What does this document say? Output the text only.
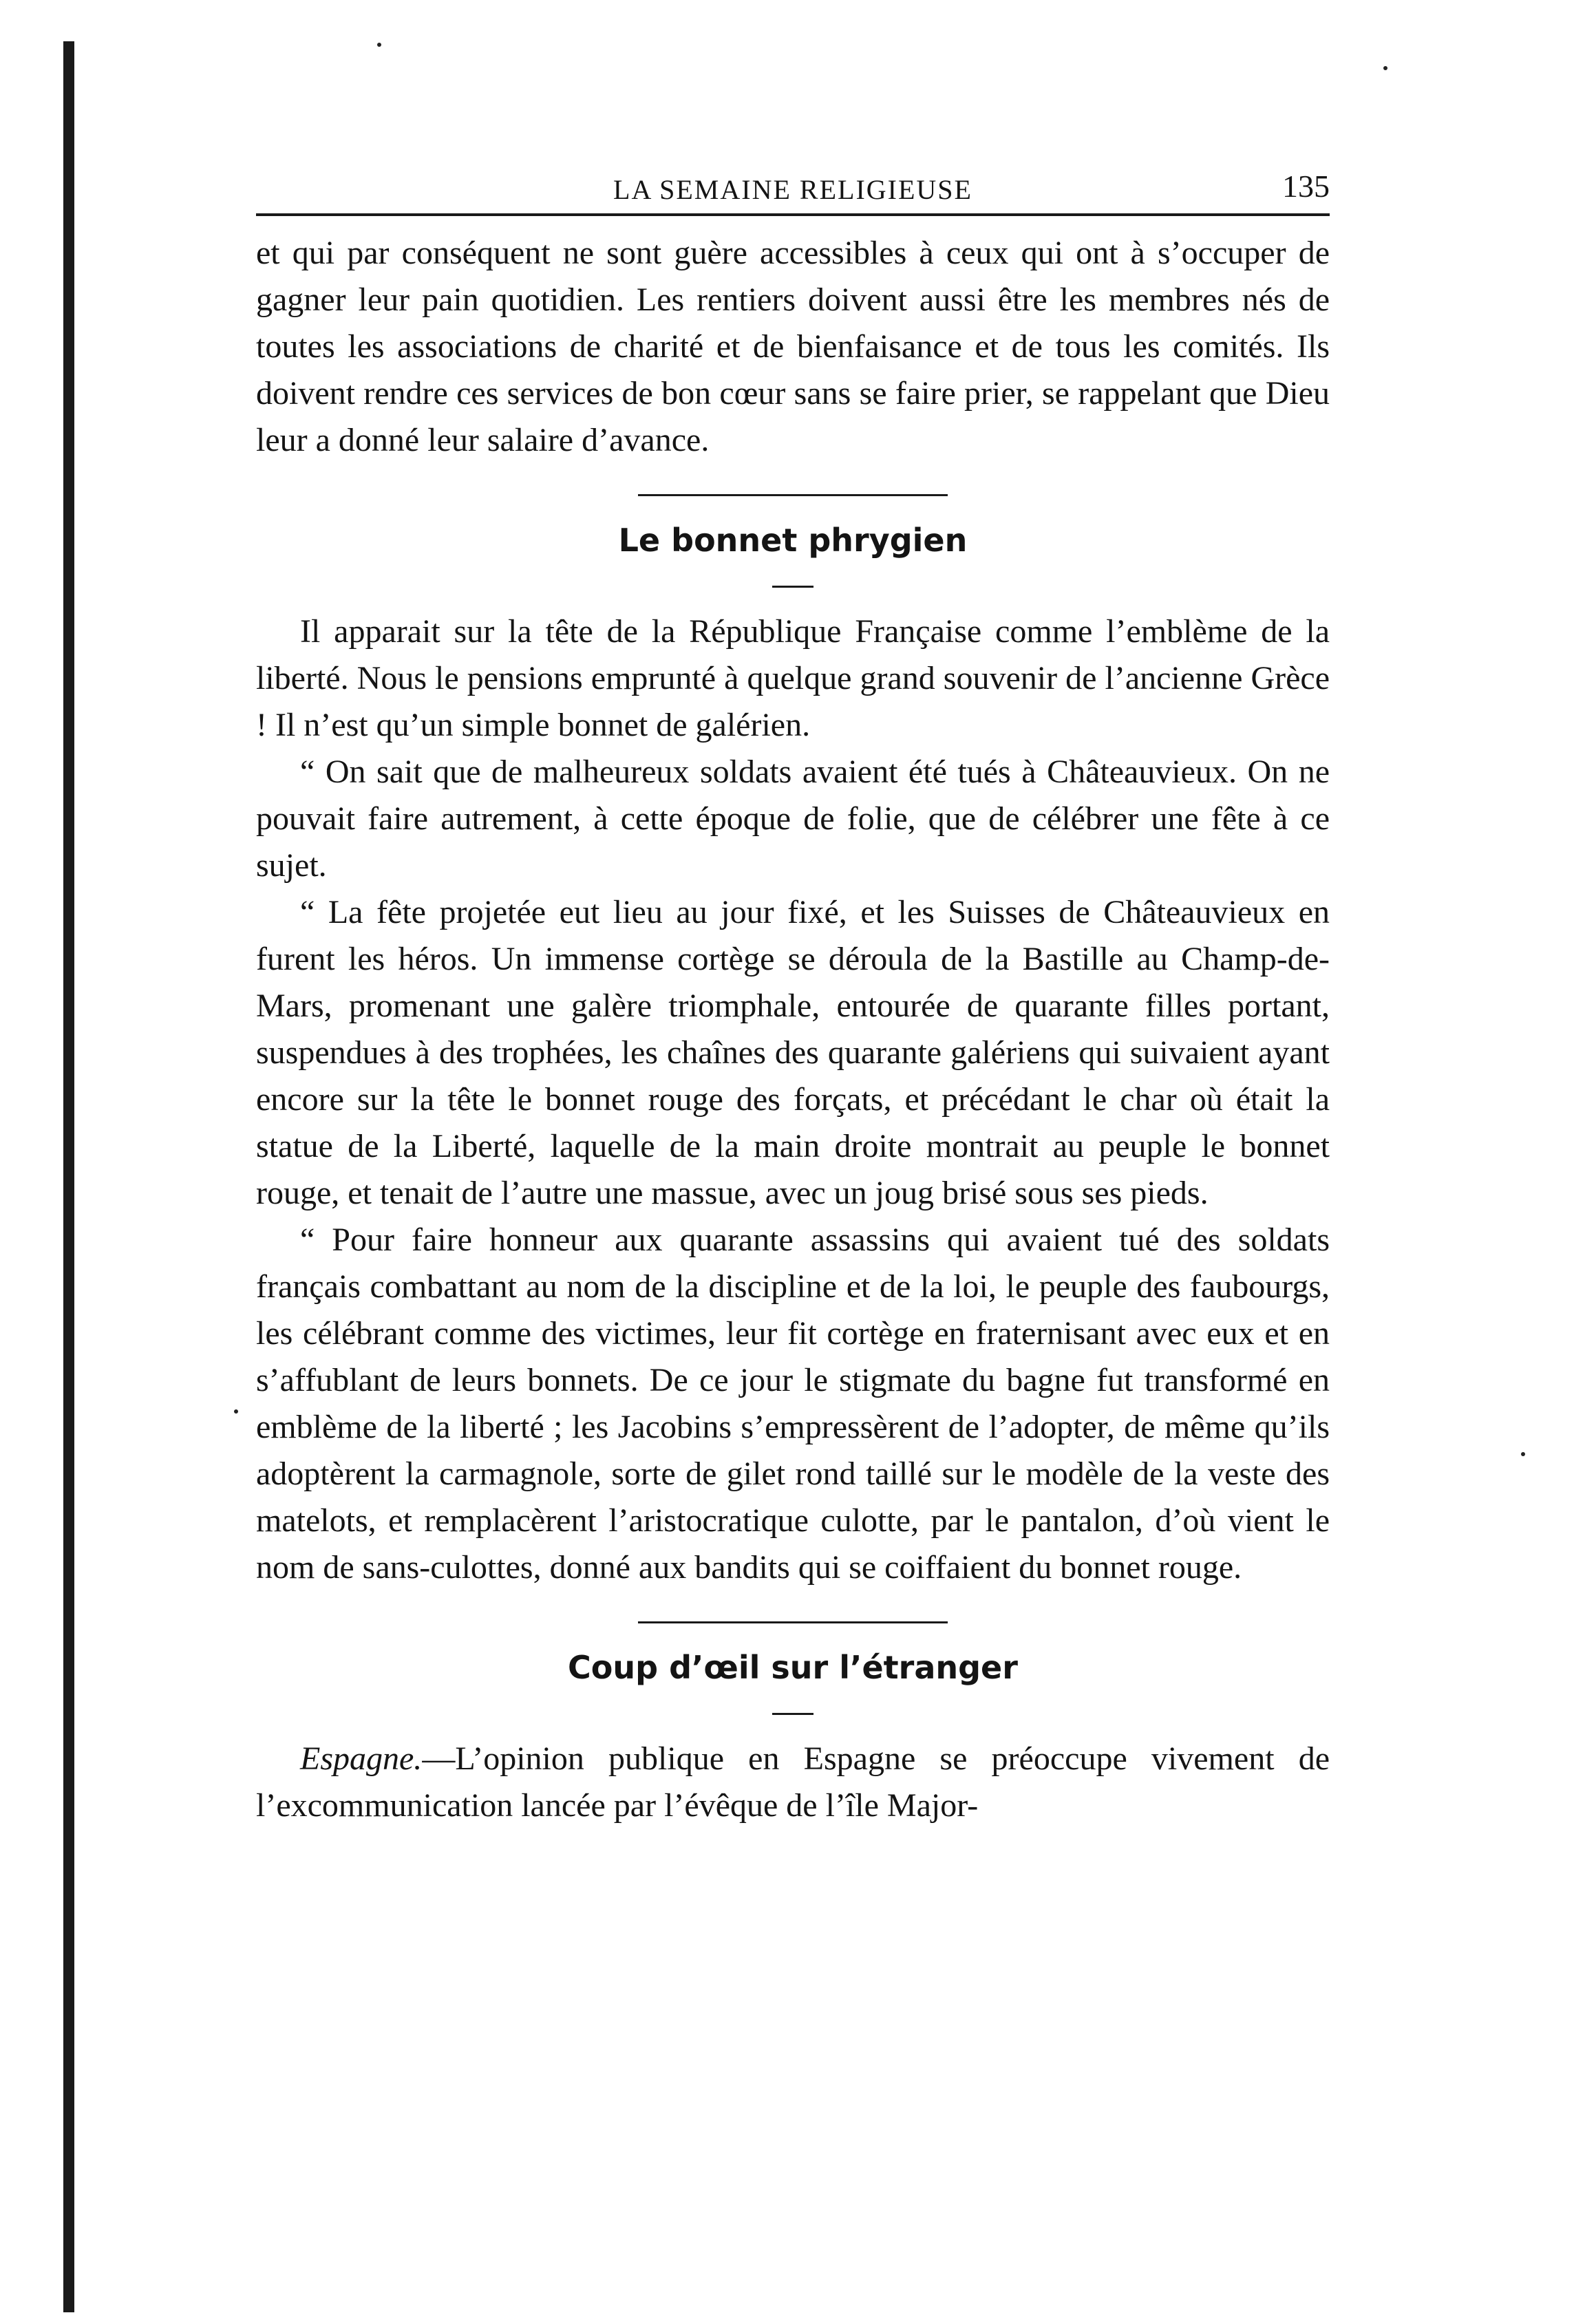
LA SEMAINE RELIGIEUSE	135

et qui par conséquent ne sont guère accessibles à ceux qui ont à s’occuper de gagner leur pain quotidien. Les rentiers doivent aussi être les membres nés de toutes les associations de charité et de bienfaisance et de tous les comités. Ils doivent rendre ces services de bon cœur sans se faire prier, se rappelant que Dieu leur a donné leur salaire d’avance.

Le bonnet phrygien

Il apparait sur la tête de la République Française comme l’emblème de la liberté. Nous le pensions emprunté à quelque grand souvenir de l’ancienne Grèce ! Il n’est qu’un simple bonnet de galérien.

“ On sait que de malheureux soldats avaient été tués à Châteauvieux. On ne pouvait faire autrement, à cette époque de folie, que de célébrer une fête à ce sujet.

“ La fête projetée eut lieu au jour fixé, et les Suisses de Châteauvieux en furent les héros. Un immense cortège se déroula de la Bastille au Champ-de-Mars, promenant une galère triomphale, entourée de quarante filles portant, suspendues à des trophées, les chaînes des quarante galériens qui suivaient ayant encore sur la tête le bonnet rouge des forçats, et précédant le char où était la statue de la Liberté, laquelle de la main droite montrait au peuple le bonnet rouge, et tenait de l’autre une massue, avec un joug brisé sous ses pieds.

“ Pour faire honneur aux quarante assassins qui avaient tué des soldats français combattant au nom de la discipline et de la loi, le peuple des faubourgs, les célébrant comme des victimes, leur fit cortège en fraternisant avec eux et en s’affublant de leurs bonnets. De ce jour le stigmate du bagne fut transformé en emblème de la liberté ; les Jacobins s’empressèrent de l’adopter, de même qu’ils adoptèrent la carmagnole, sorte de gilet rond taillé sur le modèle de la veste des matelots, et remplacèrent l’aristocratique culotte, par le pantalon, d’où vient le nom de sans-culottes, donné aux bandits qui se coiffaient du bonnet rouge.

Coup d’œil sur l’étranger

Espagne.—L’opinion publique en Espagne se préoccupe vivement de l’excommunication lancée par l’évêque de l’île Major-
